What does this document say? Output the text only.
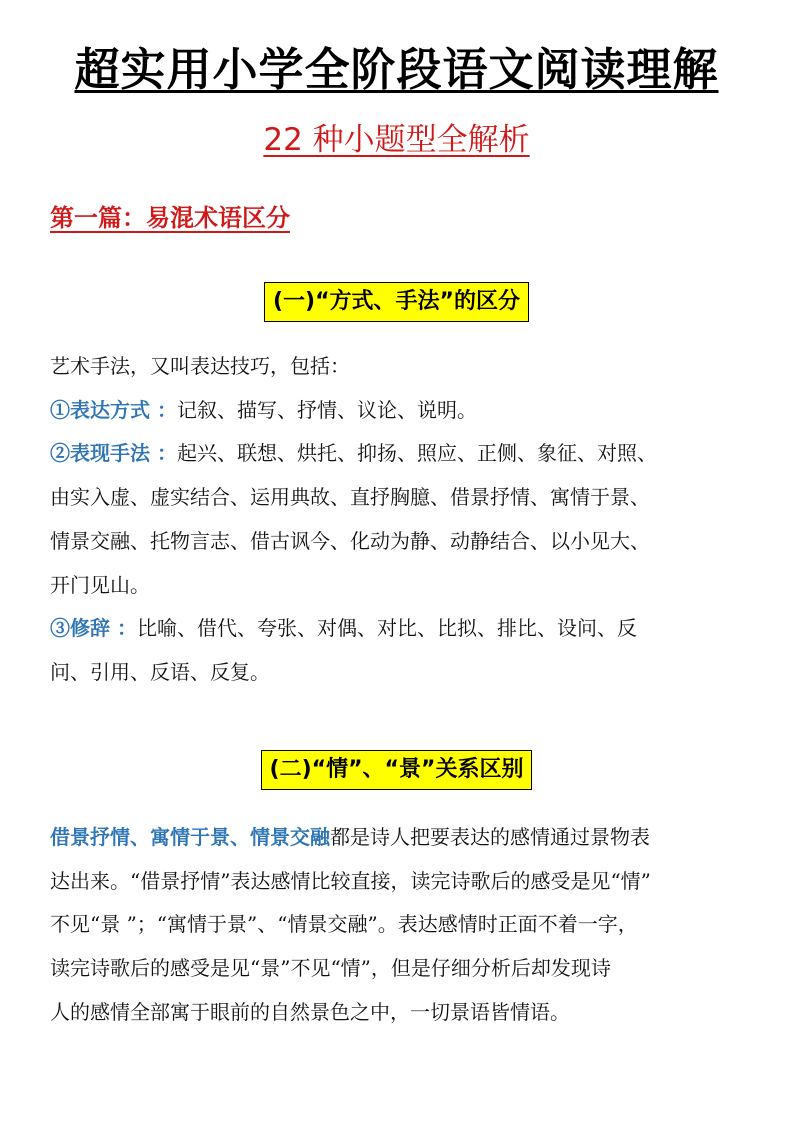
超实用小学全阶段语文阅读理解
22 种小题型全解析
第一篇：易混术语区分
(一)“方式、手法”的区分
艺术手法，又叫表达技巧，包括：
①表达方式 ：记叙、描写、抒情、议论、说明。
②表现手法 ：起兴、联想、烘托、抑扬、照应、正侧、象征、对照、
由实入虚、虚实结合、运用典故、直抒胸臆、借景抒情、寓情于景、
情景交融、托物言志、借古讽今、化动为静、动静结合、以小见大、
开门见山。
③修辞 ：比喻、借代、夸张、对偶、对比、比拟、排比、设问、反
问、引用、反语、反复。
(二)“情”、“景”关系区别
借景抒情、寓情于景、情景交融都是诗人把要表达的感情通过景物表
达出来。“借景抒情”表达感情比较直接，读完诗歌后的感受是见“情”
不见“景 ”；“寓情于景”、“情景交融”。表达感情时正面不着一字，
读完诗歌后的感受是见“景”不见“情”，但是仔细分析后却发现诗
人的感情全部寓于眼前的自然景色之中，一切景语皆情语。
